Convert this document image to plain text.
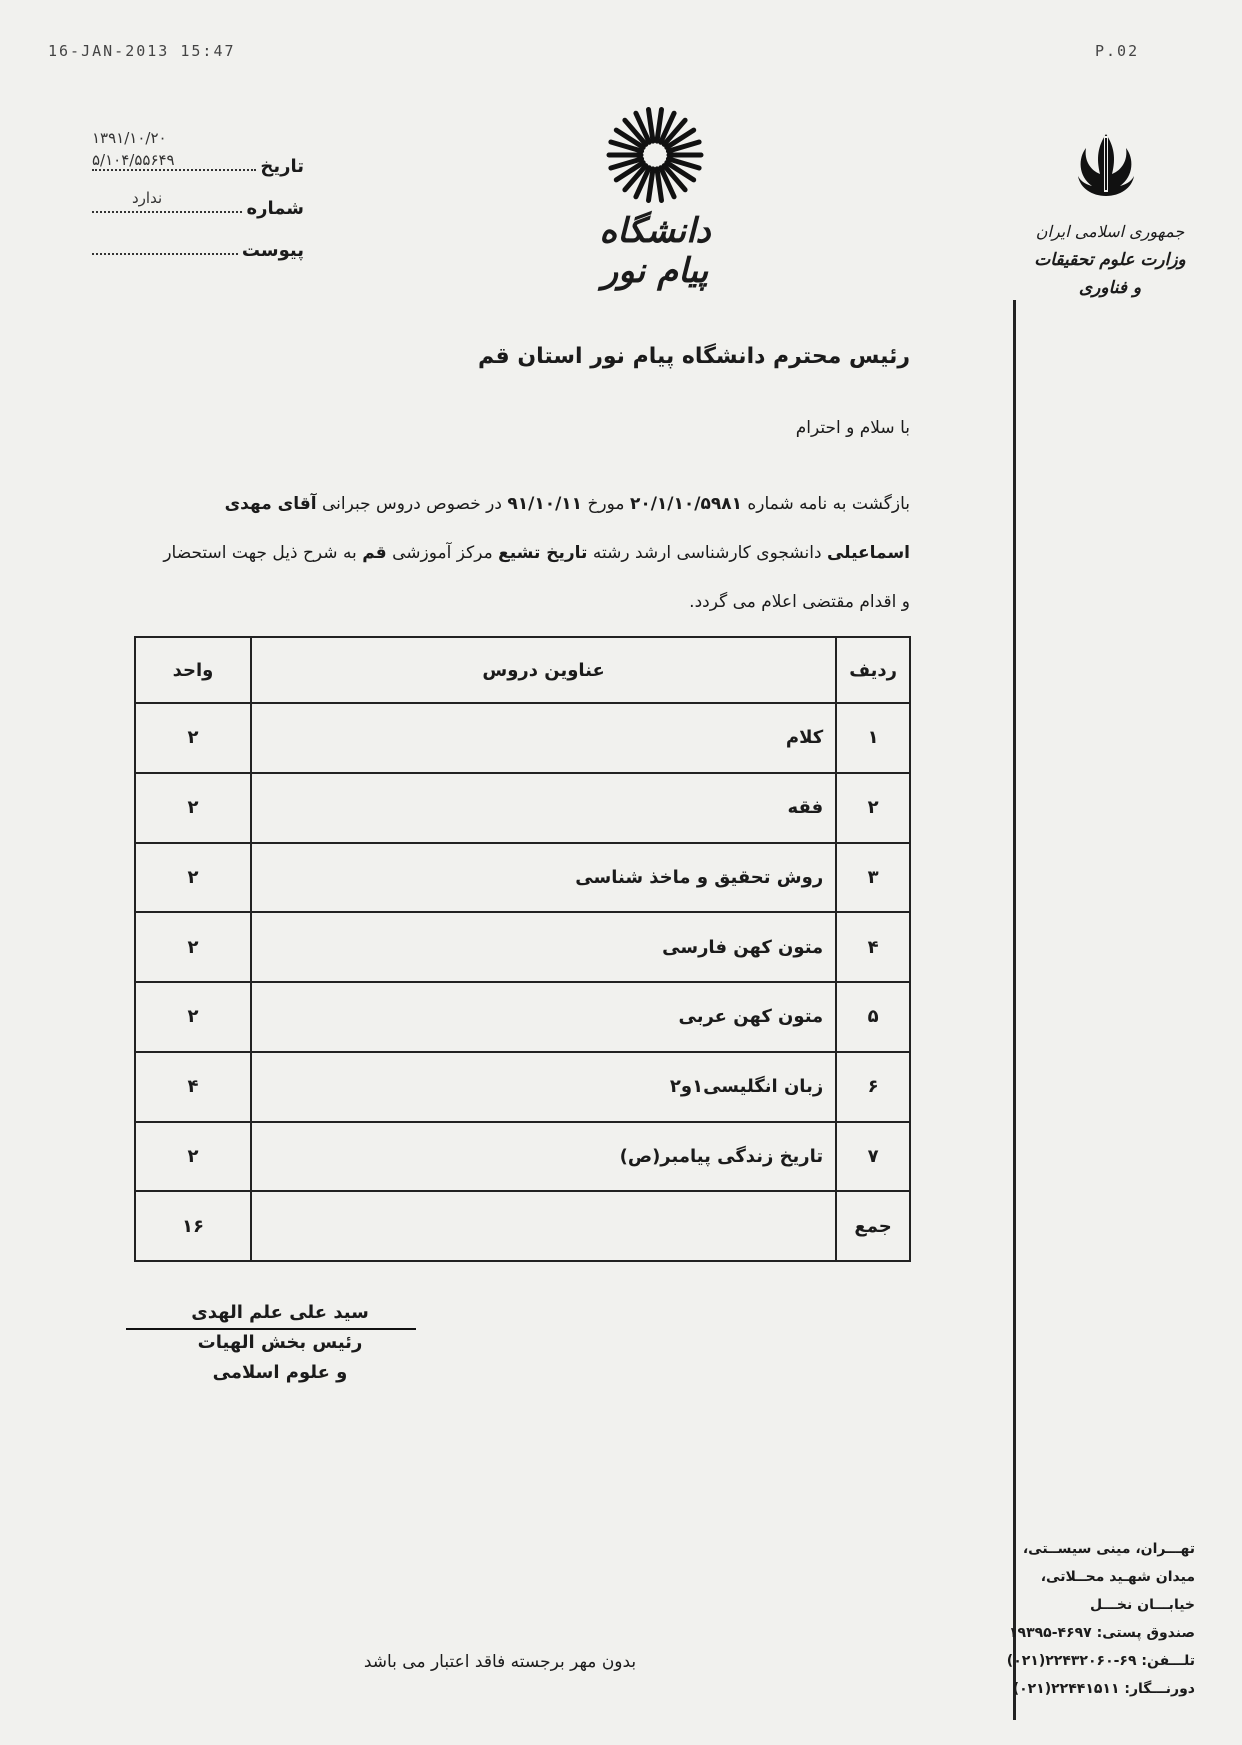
16-JAN-2013 15:47	P.02
تاریخ
۱۳۹۱/۱۰/۲۰
شماره
۵/۱۰۴/۵۵۶۴۹
ندارد
پیوست	دانشگاه پیام نور
جمهوری اسلامی ایران
وزارت علوم تحقیقات و فناوری
رئیس محترم دانشگاه پیام نور استان قم
با سلام و احترام
بازگشت به نامه شماره ۲۰/۱/۱۰/۵۹۸۱ مورخ ۹۱/۱۰/۱۱ در خصوص دروس جبرانی آقای مهدی اسماعیلی دانشجوی کارشناسی ارشد رشته تاریخ تشیع مرکز آموزشی قم به شرح ذیل جهت استحضار و اقدام مقتضی اعلام می گردد.
ردیف	عناوین دروس	واحد
۱	کلام	۲
۲	فقه	۲
۳	روش تحقیق و ماخذ شناسی	۲
۴	متون کهن فارسی	۲
۵	متون کهن عربی	۲
۶	زبان انگلیسی۱و۲	۴
۷	تاریخ زندگی پیامبر(ص)	۲
جمع		۱۶
سید علی علم الهدی
رئیس بخش الهیات
و علوم اسلامی
بدون مهر برجسته فاقد اعتبار می باشد
تهـــران، مینی سیســتی،
میدان شهـید محــلاتی،
خیابـــان نخـــل
صندوق پستی: ۴۶۹۷-۱۹۳۹۵
تلـــفن: ۶۹-۲۲۴۳۲۰۶۰(۰۲۱)
دورنـــگار: ۲۲۴۴۱۵۱۱(۰۲۱)
